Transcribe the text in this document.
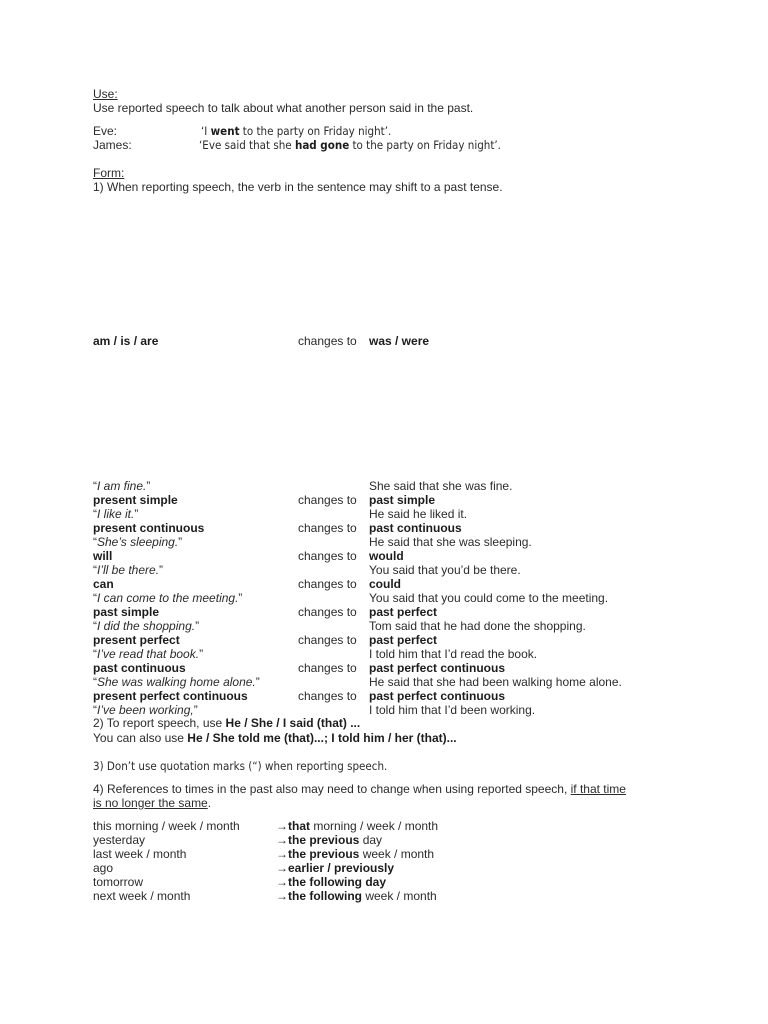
Use:
Use reported speech to talk about what another person said in the past.
Eve:	‘I went to the party on Friday night’.
James:	‘Eve said that she had gone to the party on Friday night’.
Form:
1) When reporting speech, the verb in the sentence may shift to a past tense.
am / is / are	changes to was / were
“I am fine.”	She said that she was fine.
present simple	changes to past simple
“I like it.”	He said he liked it.
present continuous	changes to past continuous
“She’s sleeping.”	He said that she was sleeping.
will	changes to would
“I’ll be there.”	You said that you’d be there.
can	changes to could
“I can come to the meeting.”	You said that you could come to the meeting.
past simple	changes to past perfect
“I did the shopping.”	Tom said that he had done the shopping.
present perfect	changes to past perfect
“I’ve read that book.”	I told him that I’d read the book.
past continuous	changes to past perfect continuous
“She was walking home alone.”	He said that she had been walking home alone.
present perfect continuous	changes to past perfect continuous
“I’ve been working,”	I told him that I’d been working.
2) To report speech, use He / She / I said (that) ...
You can also use He / She told me (that)...; I told him / her (that)...
3) Don’t use quotation marks (“) when reporting speech.
4) References to times in the past also may need to change when using reported speech, if that time
is no longer the same.
this morning / week / month	→that morning / week / month
yesterday	→the previous day
last week / month	→the previous week / month
ago	→earlier / previously
tomorrow	→the following day
next week / month	→the following week / month
